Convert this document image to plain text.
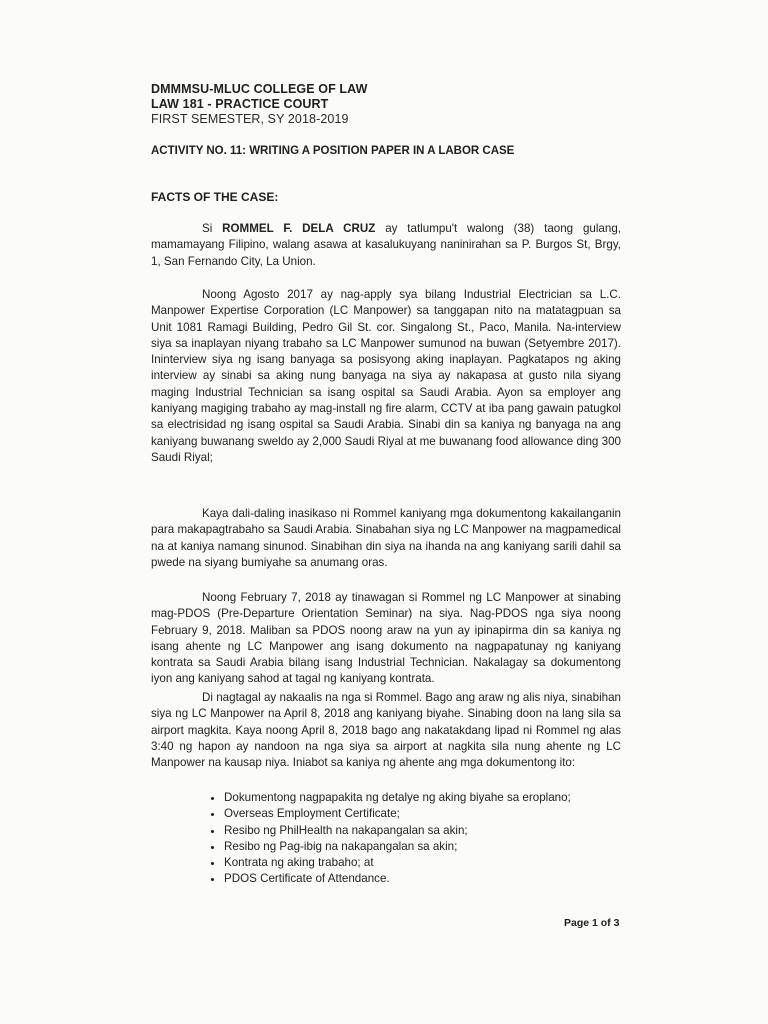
DMMMSU-MLUC COLLEGE OF LAW
LAW 181 - PRACTICE COURT
FIRST SEMESTER, SY 2018-2019
ACTIVITY NO. 11: WRITING A POSITION PAPER IN A LABOR CASE
FACTS OF THE CASE:

Si ROMMEL F. DELA CRUZ ay tatlumpu't walong (38) taong gulang, mamamayang Filipino, walang asawa at kasalukuyang naninirahan sa P. Burgos St, Brgy, 1, San Fernando City, La Union.

Noong Agosto 2017 ay nag-apply sya bilang Industrial Electrician sa L.C. Manpower Expertise Corporation (LC Manpower) sa tanggapan nito na matatagpuan sa Unit 1081 Ramagi Building, Pedro Gil St. cor. Singalong St., Paco, Manila. Na-interview siya sa inaplayan niyang trabaho sa LC Manpower sumunod na buwan (Setyembre 2017). Ininterview siya ng isang banyaga sa posisyong aking inaplayan. Pagkatapos ng aking interview ay sinabi sa aking nung banyaga na siya ay nakapasa at gusto nila siyang maging Industrial Technician sa isang ospital sa Saudi Arabia. Ayon sa employer ang kaniyang magiging trabaho ay mag-install ng fire alarm, CCTV at iba pang gawain patugkol sa electrisidad ng isang ospital sa Saudi Arabia. Sinabi din sa kaniya ng banyaga na ang kaniyang buwanang sweldo ay 2,000 Saudi Riyal at me buwanang food allowance ding 300 Saudi Riyal;

Kaya dali-daling inasikaso ni Rommel kaniyang mga dokumentong kakailanganin para makapagtrabaho sa Saudi Arabia. Sinabahan siya ng LC Manpower na magpamedical na at kaniya namang sinunod. Sinabihan din siya na ihanda na ang kaniyang sarili dahil sa pwede na siyang bumiyahe sa anumang oras.

Noong February 7, 2018 ay tinawagan si Rommel ng LC Manpower at sinabing mag-PDOS (Pre-Departure Orientation Seminar) na siya. Nag-PDOS nga siya noong February 9, 2018. Maliban sa PDOS noong araw na yun ay ipinapirma din sa kaniya ng isang ahente ng LC Manpower ang isang dokumento na nagpapatunay ng kaniyang kontrata sa Saudi Arabia bilang isang Industrial Technician. Nakalagay sa dokumentong iyon ang kaniyang sahod at tagal ng kaniyang kontrata.

Di nagtagal ay nakaalis na nga si Rommel. Bago ang araw ng alis niya, sinabihan siya ng LC Manpower na April 8, 2018 ang kaniyang biyahe. Sinabing doon na lang sila sa airport magkita. Kaya noong April 8, 2018 bago ang nakatakdang lipad ni Rommel ng alas 3:40 ng hapon ay nandoon na nga siya sa airport at nagkita sila nung ahente ng LC Manpower na kausap niya. Iniabot sa kaniya ng ahente ang mga dokumentong ito:

• Dokumentong nagpapakita ng detalye ng aking biyahe sa eroplano;
• Overseas Employment Certificate;
• Resibo ng PhilHealth na nakapangalan sa akin;
• Resibo ng Pag-ibig na nakapangalan sa akin;
• Kontrata ng aking trabaho; at
• PDOS Certificate of Attendance.
Page 1 of 3
